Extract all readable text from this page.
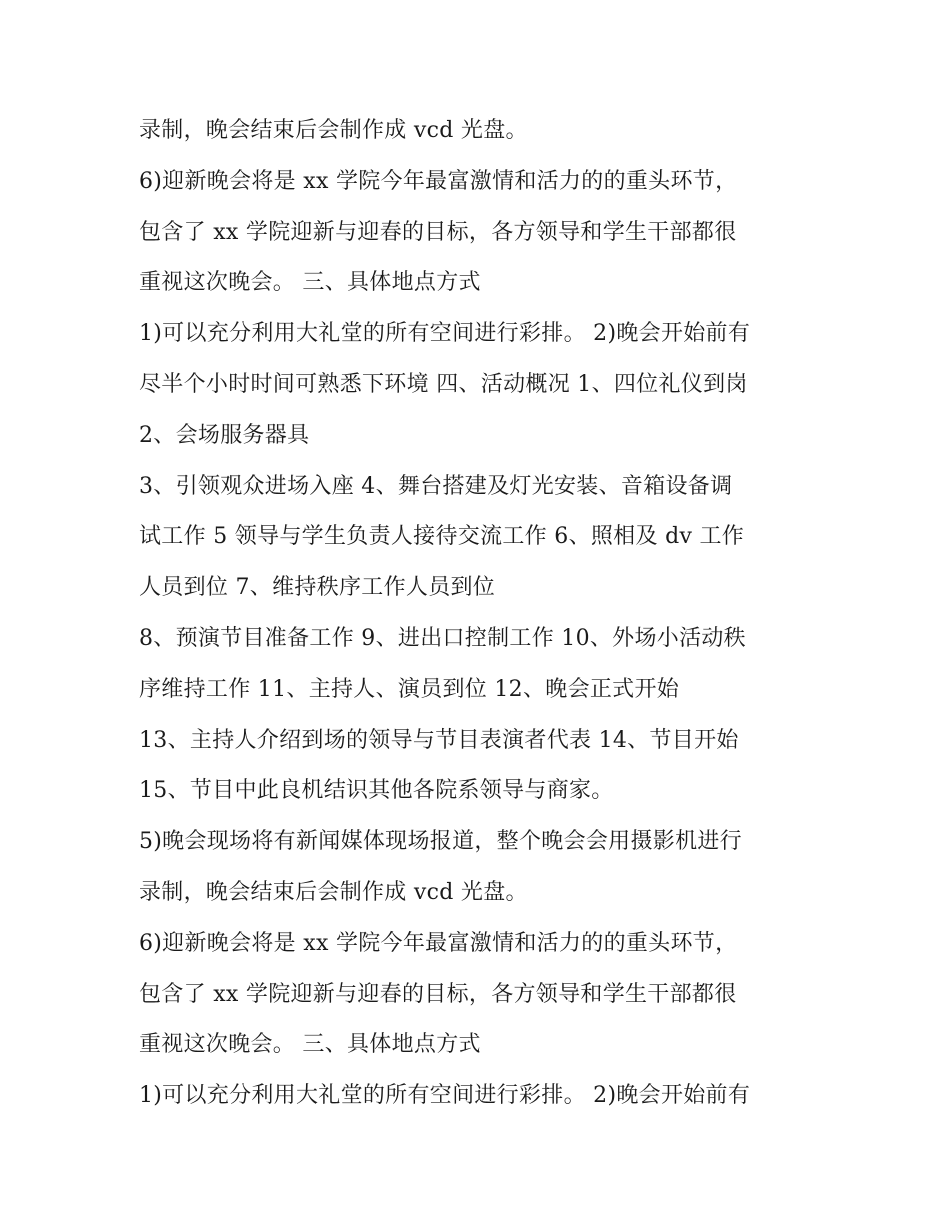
录制，晚会结束后会制作成 vcd 光盘。
6)迎新晚会将是 xx 学院今年最富激情和活力的的重头环节，
包含了 xx 学院迎新与迎春的目标，各方领导和学生干部都很
重视这次晚会。 三、具体地点方式
1)可以充分利用大礼堂的所有空间进行彩排。 2)晚会开始前有
尽半个小时时间可熟悉下环境 四、活动概况 1、四位礼仪到岗
2、会场服务器具
3、引领观众进场入座 4、舞台搭建及灯光安装、音箱设备调
试工作 5 领导与学生负责人接待交流工作 6、照相及 dv 工作
人员到位 7、维持秩序工作人员到位
8、预演节目准备工作 9、进出口控制工作 10、外场小活动秩
序维持工作 11、主持人、演员到位 12、晚会正式开始
13、主持人介绍到场的领导与节目表演者代表 14、节目开始
15、节目中此良机结识其他各院系领导与商家。
5)晚会现场将有新闻媒体现场报道，整个晚会会用摄影机进行
录制，晚会结束后会制作成 vcd 光盘。
6)迎新晚会将是 xx 学院今年最富激情和活力的的重头环节，
包含了 xx 学院迎新与迎春的目标，各方领导和学生干部都很
重视这次晚会。 三、具体地点方式
1)可以充分利用大礼堂的所有空间进行彩排。 2)晚会开始前有
